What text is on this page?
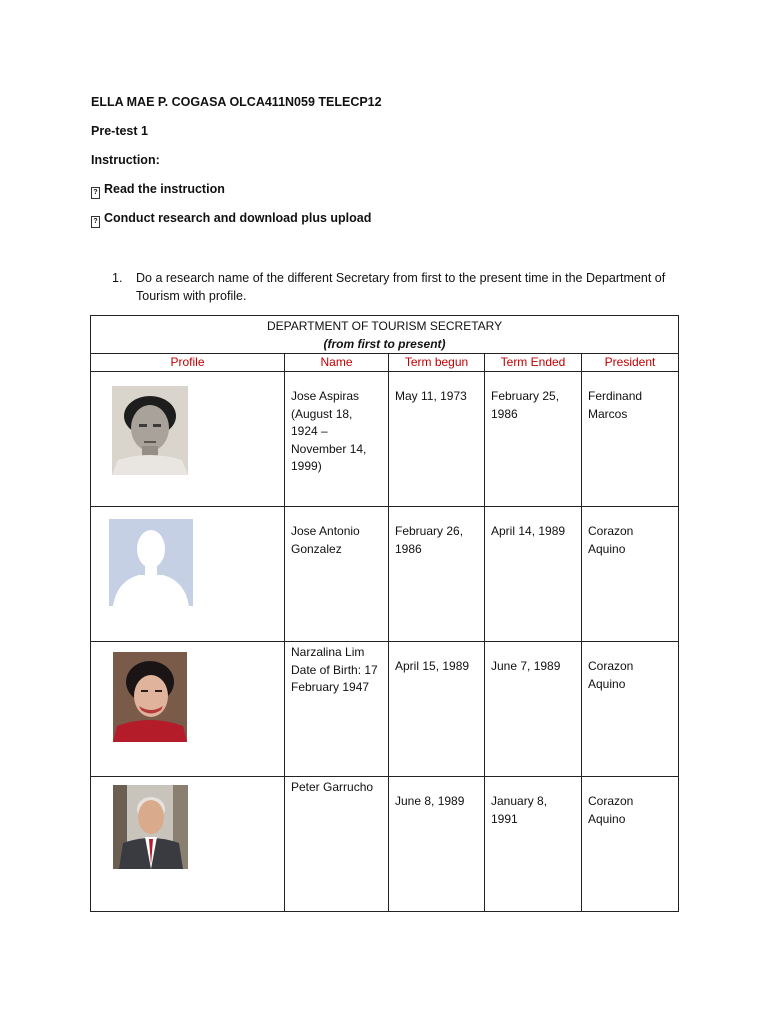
ELLA MAE P. COGASA OLCA411N059 TELECP12
Pre-test 1
Instruction:
? Read the instruction
? Conduct research and download plus upload
1. Do a research name of the different Secretary from first to the present time in the Department of Tourism with profile.
DEPARTMENT OF TOURISM SECRETARY
(from first to present)				

Profile	Name	Term begun	Term Ended	President

	Jose Aspiras (August 18, 1924 – November 14, 1999)	May 11, 1973	February 25, 1986	Ferdinand Marcos

	Jose Antonio Gonzalez	February 26, 1986	April 14, 1989	Corazon Aquino

	Narzalina Lim Date of Birth: 17 February 1947	April 15, 1989	June 7, 1989	Corazon Aquino

	Peter Garrucho	June 8, 1989	January 8, 1991	Corazon Aquino
